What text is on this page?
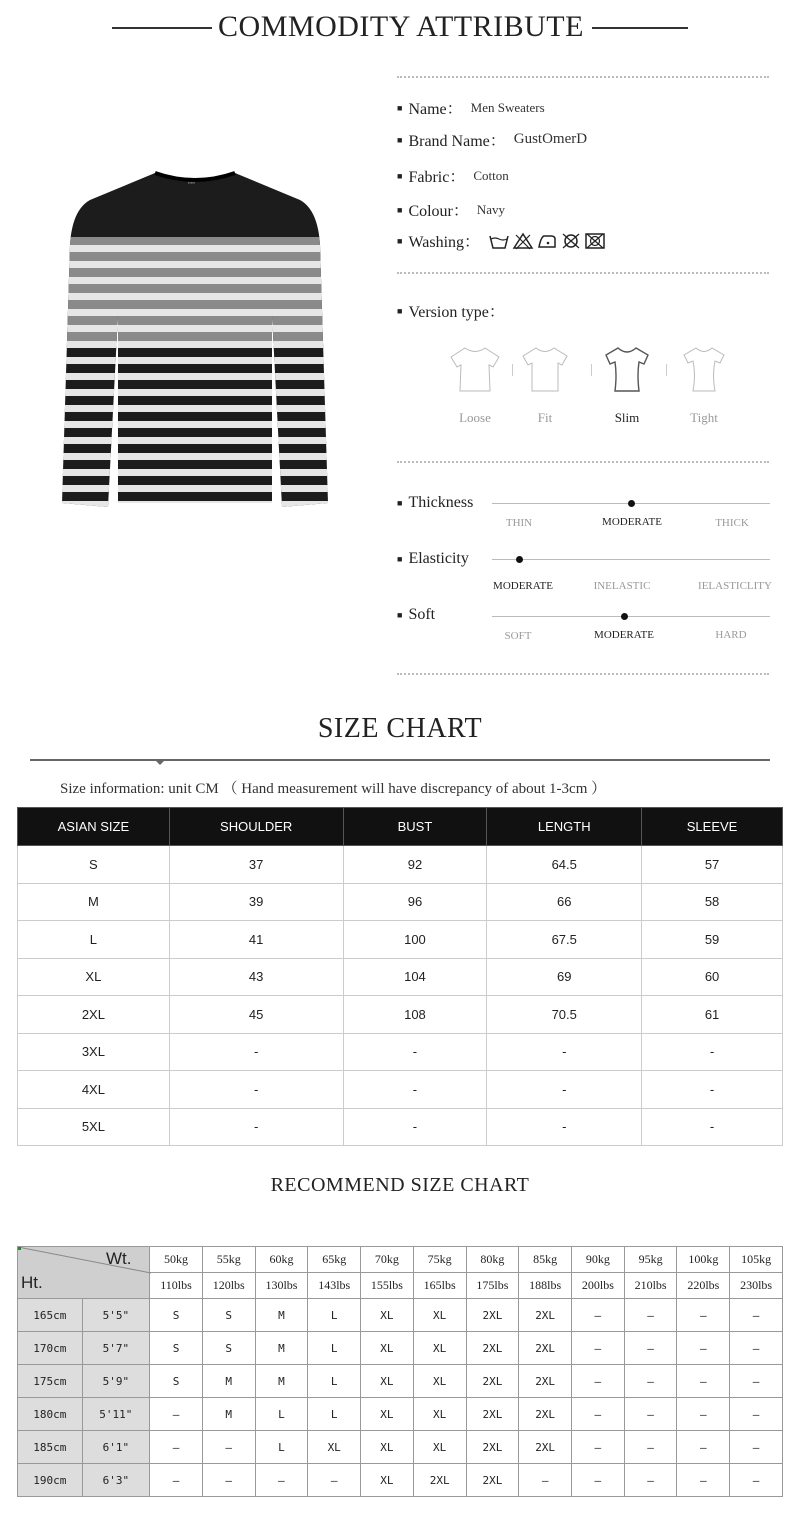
COMMODITY ATTRIBUTE
▪▪▪▪▪
■ Name： Men Sweaters
■ Brand Name： GustOmerD
■ Fabric： Cotton
■ Colour： Navy
■ Washing：
■ Version type：
Loose	Fit	Slim	Tight
■ Thickness
THIN	MODERATE	THICK
■ Elasticity
MODERATE	INELASTIC	IELASTICLITY
■ Soft
SOFT	MODERATE	HARD
SIZE CHART
Size information: unit CM （ Hand measurement will have discrepancy of about 1-3cm ）
ASIAN SIZE	SHOULDER	BUST	LENGTH	SLEEVE
S	37	92	64.5	57
M	39	96	66	58
L	41	100	67.5	59
XL	43	104	69	60
2XL	45	108	70.5	61
3XL	-	-	-	-
4XL	-	-	-	-
5XL	-	-	-	-
RECOMMEND SIZE CHART
Wt.
Ht.		50kg	55kg	60kg	65kg	70kg	75kg	80kg	85kg	90kg	95kg	100kg	105kg
		110lbs	120lbs	130lbs	143lbs	155lbs	165lbs	175lbs	188lbs	200lbs	210lbs	220lbs	230lbs
165cm	5'5"	S	S	M	L	XL	XL	2XL	2XL	–	–	–	–
170cm	5'7"	S	S	M	L	XL	XL	2XL	2XL	–	–	–	–
175cm	5'9"	S	M	M	L	XL	XL	2XL	2XL	–	–	–	–
180cm	5'11"	–	M	L	L	XL	XL	2XL	2XL	–	–	–	–
185cm	6'1"	–	–	L	XL	XL	XL	2XL	2XL	–	–	–	–
190cm	6'3"	–	–	–	–	XL	2XL	2XL	–	–	–	–	–
